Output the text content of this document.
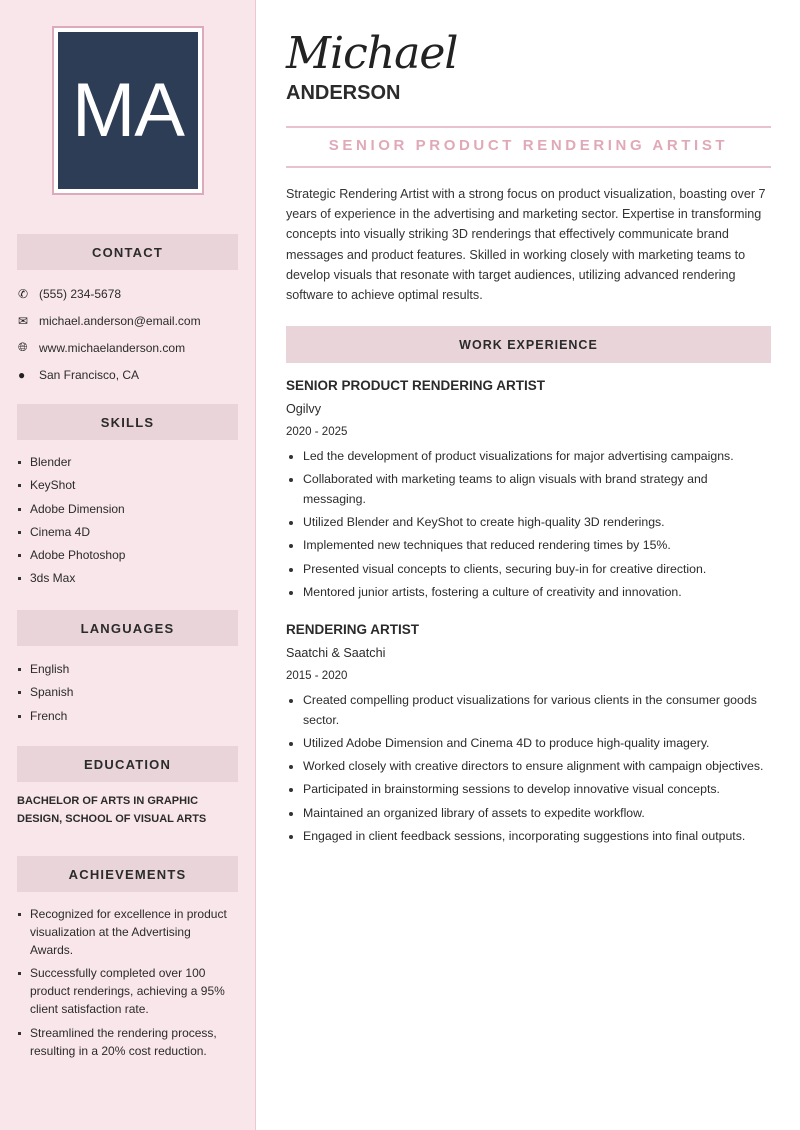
MA
CONTACT
✆ (555) 234-5678
✉ michael.anderson@email.com
🌐︎ www.michaelanderson.com
●	San Francisco, CA
SKILLS
Blender
KeyShot
Adobe Dimension
Cinema 4D
Adobe Photoshop
3ds Max
LANGUAGES
English
Spanish
French
EDUCATION
BACHELOR OF ARTS IN GRAPHIC DESIGN, SCHOOL OF VISUAL ARTS
ACHIEVEMENTS
Recognized for excellence in product visualization at the Advertising Awards.
Successfully completed over 100 product renderings, achieving a 95% client satisfaction rate.
Streamlined the rendering process, resulting in a 20% cost reduction.
Michael
ANDERSON
SENIOR PRODUCT RENDERING ARTIST

Strategic Rendering Artist with a strong focus on product visualization, boasting over 7 years of experience in the advertising and marketing sector. Expertise in transforming concepts into visually striking 3D renderings that effectively communicate brand messages and product features. Skilled in working closely with marketing teams to develop visuals that resonate with target audiences, utilizing advanced rendering software to achieve optimal results.

WORK EXPERIENCE
SENIOR PRODUCT RENDERING ARTIST
Ogilvy
2020 - 2025
Led the development of product visualizations for major advertising campaigns.
Collaborated with marketing teams to align visuals with brand strategy and messaging.
Utilized Blender and KeyShot to create high-quality 3D renderings.
Implemented new techniques that reduced rendering times by 15%.
Presented visual concepts to clients, securing buy-in for creative direction.
Mentored junior artists, fostering a culture of creativity and innovation.
RENDERING ARTIST
Saatchi & Saatchi
2015 - 2020
Created compelling product visualizations for various clients in the consumer goods sector.
Utilized Adobe Dimension and Cinema 4D to produce high-quality imagery.
Worked closely with creative directors to ensure alignment with campaign objectives.
Participated in brainstorming sessions to develop innovative visual concepts.
Maintained an organized library of assets to expedite workflow.
Engaged in client feedback sessions, incorporating suggestions into final outputs.
